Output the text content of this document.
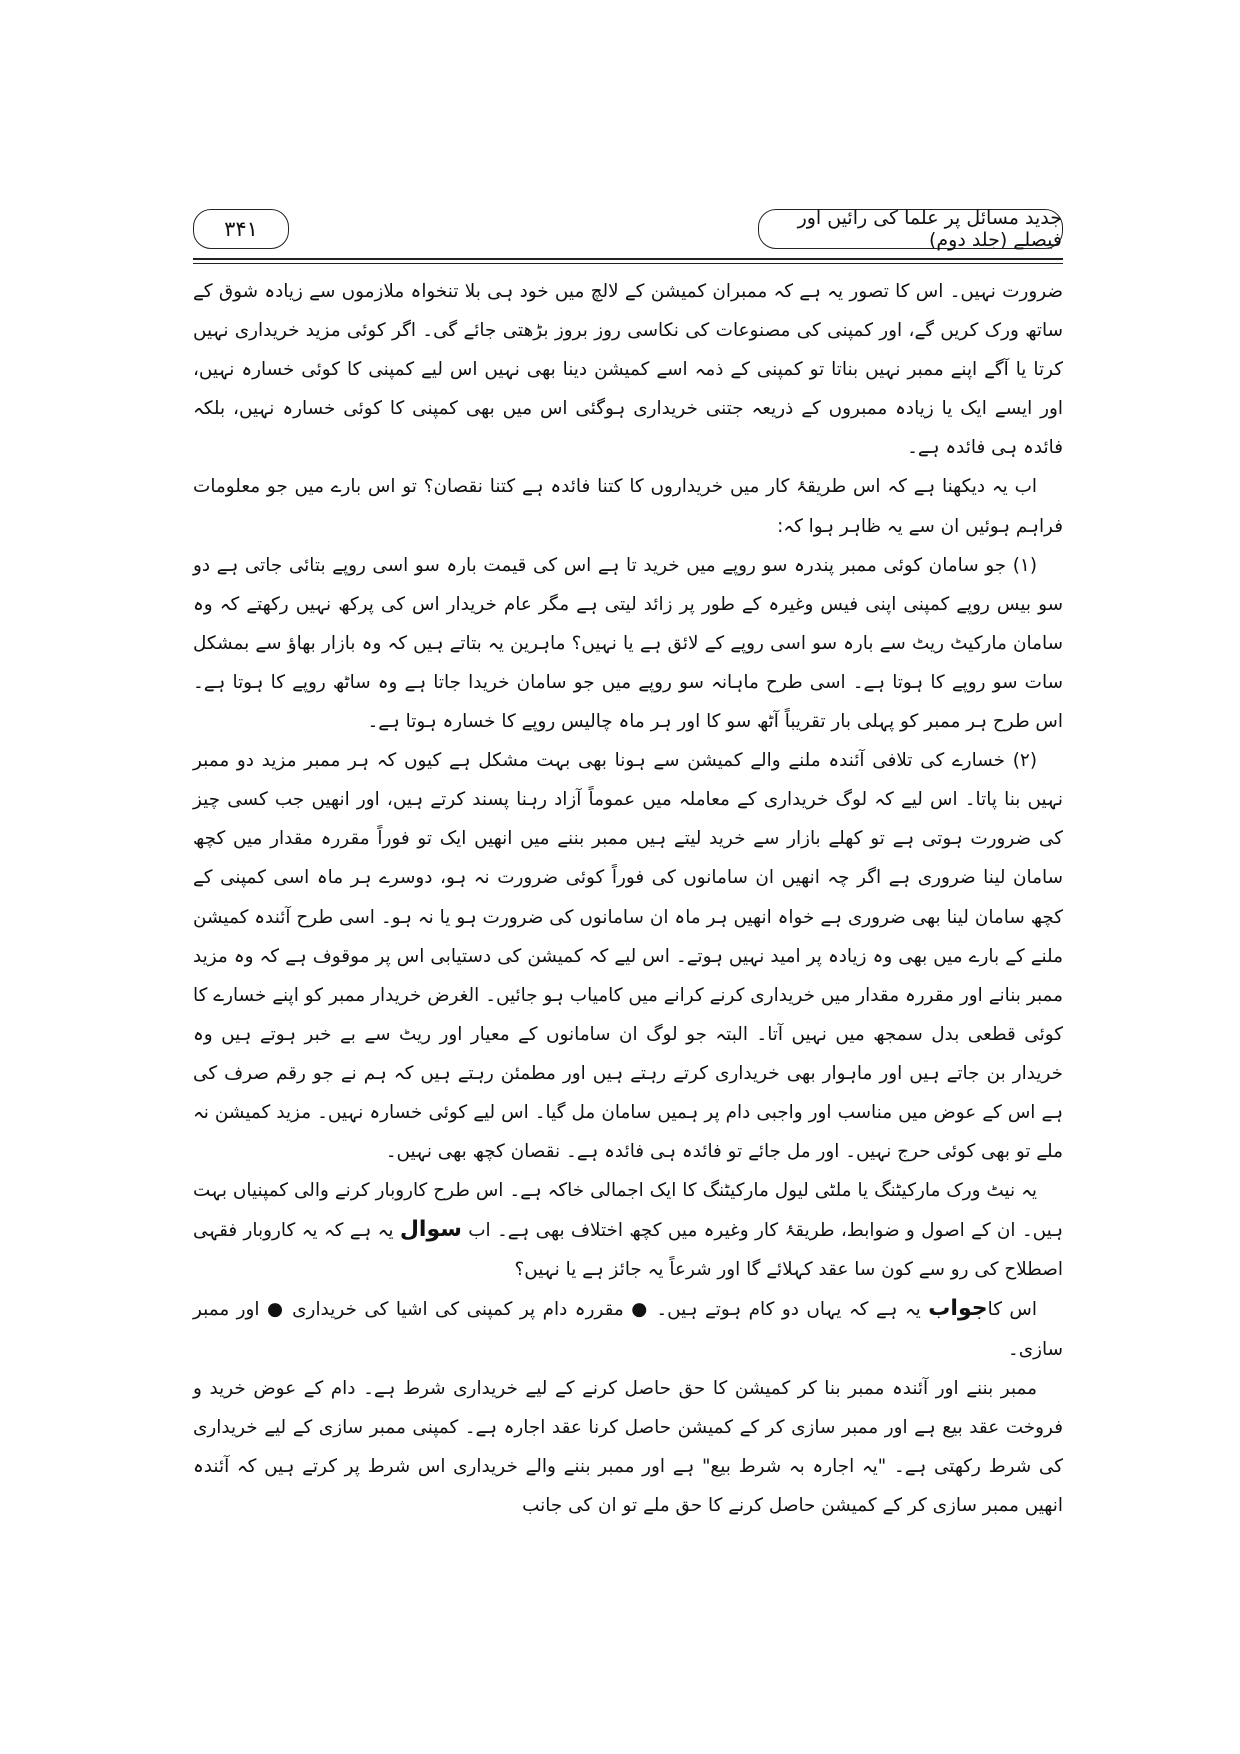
جدید مسائل پر علما کی رائیں اور فیصلے (جلد دوم)
۳۴۱

ضرورت نہیں۔ اس کا تصور یہ ہے کہ ممبران کمیشن کے لالچ میں خود ہی بلا تنخواہ ملازموں سے زیادہ شوق کے ساتھ ورک کریں گے، اور کمپنی کی مصنوعات کی نکاسی روز بروز بڑھتی جائے گی۔ اگر کوئی مزید خریداری نہیں کرتا یا آگے اپنے ممبر نہیں بناتا تو کمپنی کے ذمہ اسے کمیشن دینا بھی نہیں اس لیے کمپنی کا کوئی خسارہ نہیں، اور ایسے ایک یا زیادہ ممبروں کے ذریعہ جتنی خریداری ہوگئی اس میں بھی کمپنی کا کوئی خسارہ نہیں، بلکہ فائدہ ہی فائدہ ہے۔

اب یہ دیکھنا ہے کہ اس طریقۂ کار میں خریداروں کا کتنا فائدہ ہے کتنا نقصان؟ تو اس بارے میں جو معلومات فراہم ہوئیں ان سے یہ ظاہر ہوا کہ:

(۱) جو سامان کوئی ممبر پندرہ سو روپے میں خرید تا ہے اس کی قیمت بارہ سو اسی روپے بتائی جاتی ہے دو سو بیس روپے کمپنی اپنی فیس وغیرہ کے طور پر زائد لیتی ہے مگر عام خریدار اس کی پرکھ نہیں رکھتے کہ وہ سامان مارکیٹ ریٹ سے بارہ سو اسی روپے کے لائق ہے یا نہیں؟ ماہرین یہ بتاتے ہیں کہ وہ بازار بھاؤ سے بمشکل سات سو روپے کا ہوتا ہے۔ اسی طرح ماہانہ سو روپے میں جو سامان خریدا جاتا ہے وہ ساٹھ روپے کا ہوتا ہے۔ اس طرح ہر ممبر کو پہلی بار تقریباً آٹھ سو کا اور ہر ماہ چالیس روپے کا خسارہ ہوتا ہے۔

(۲) خسارے کی تلافی آئندہ ملنے والے کمیشن سے ہونا بھی بہت مشکل ہے کیوں کہ ہر ممبر مزید دو ممبر نہیں بنا پاتا۔ اس لیے کہ لوگ خریداری کے معاملہ میں عموماً آزاد رہنا پسند کرتے ہیں، اور انھیں جب کسی چیز کی ضرورت ہوتی ہے تو کھلے بازار سے خرید لیتے ہیں ممبر بننے میں انھیں ایک تو فوراً مقررہ مقدار میں کچھ سامان لینا ضروری ہے اگر چہ انھیں ان سامانوں کی فوراً کوئی ضرورت نہ ہو، دوسرے ہر ماہ اسی کمپنی کے کچھ سامان لینا بھی ضروری ہے خواہ انھیں ہر ماہ ان سامانوں کی ضرورت ہو یا نہ ہو۔ اسی طرح آئندہ کمیشن ملنے کے بارے میں بھی وہ زیادہ پر امید نہیں ہوتے۔ اس لیے کہ کمیشن کی دستیابی اس پر موقوف ہے کہ وہ مزید ممبر بنانے اور مقررہ مقدار میں خریداری کرنے کرانے میں کامیاب ہو جائیں۔ الغرض خریدار ممبر کو اپنے خسارے کا کوئی قطعی بدل سمجھ میں نہیں آتا۔ البتہ جو لوگ ان سامانوں کے معیار اور ریٹ سے بے خبر ہوتے ہیں وہ خریدار بن جاتے ہیں اور ماہوار بھی خریداری کرتے رہتے ہیں اور مطمئن رہتے ہیں کہ ہم نے جو رقم صرف کی ہے اس کے عوض میں مناسب اور واجبی دام پر ہمیں سامان مل گیا۔ اس لیے کوئی خسارہ نہیں۔ مزید کمیشن نہ ملے تو بھی کوئی حرج نہیں۔ اور مل جائے تو فائدہ ہی فائدہ ہے۔ نقصان کچھ بھی نہیں۔

یہ نیٹ ورک مارکیٹنگ یا ملٹی لیول مارکیٹنگ کا ایک اجمالی خاکہ ہے۔ اس طرح کاروبار کرنے والی کمپنیاں بہت ہیں۔ ان کے اصول و ضوابط، طریقۂ کار وغیرہ میں کچھ اختلاف بھی ہے۔ اب سوال یہ ہے کہ یہ کاروبار فقہی اصطلاح کی رو سے کون سا عقد کہلائے گا اور شرعاً یہ جائز ہے یا نہیں؟

اس کاجواب یہ ہے کہ یہاں دو کام ہوتے ہیں۔ ● مقررہ دام پر کمپنی کی اشیا کی خریداری ● اور ممبر سازی۔

ممبر بننے اور آئندہ ممبر بنا کر کمیشن کا حق حاصل کرنے کے لیے خریداری شرط ہے۔ دام کے عوض خرید و فروخت عقد بیع ہے اور ممبر سازی کر کے کمیشن حاصل کرنا عقد اجارہ ہے۔ کمپنی ممبر سازی کے لیے خریداری کی شرط رکھتی ہے۔ "یہ اجارہ بہ شرط بیع" ہے اور ممبر بننے والے خریداری اس شرط پر کرتے ہیں کہ آئندہ انھیں ممبر سازی کر کے کمیشن حاصل کرنے کا حق ملے تو ان کی جانب
